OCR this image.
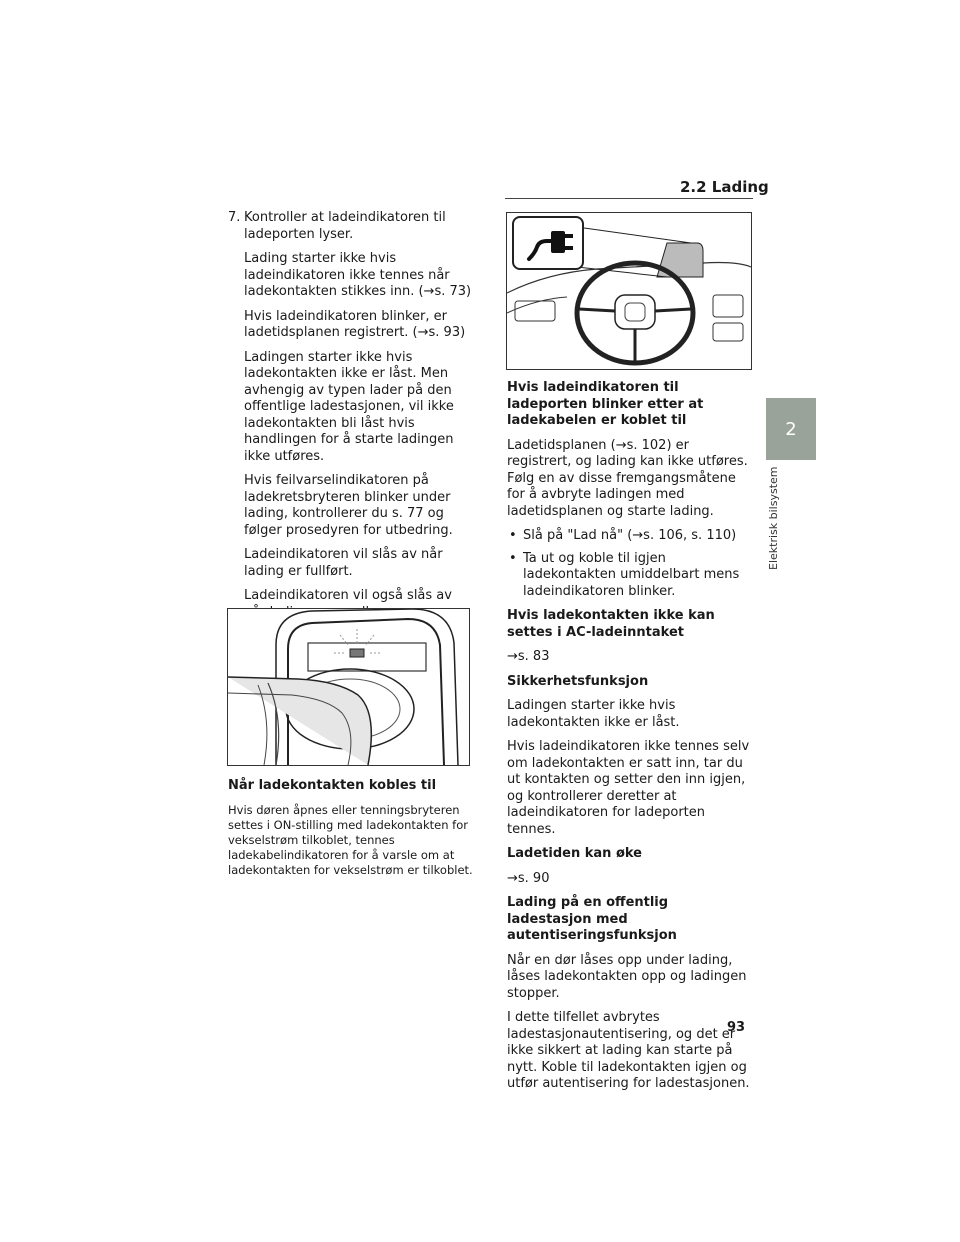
2.2 Lading
2
Elektrisk bilsystem
7. Kontroller at ladeindikatoren til ladeporten lyser.

Lading starter ikke hvis ladeindikatoren ikke tennes når ladekontakten stikkes inn. (→s. 73)

Hvis ladeindikatoren blinker, er ladetidsplanen registrert. (→s. 93)

Ladingen starter ikke hvis ladekontakten ikke er låst. Men avhengig av typen lader på den offentlige ladestasjonen, vil ikke ladekontakten bli låst hvis handlingen for å starte ladingen ikke utføres.

Hvis feilvarselindikatoren på ladekretsbryteren blinker under lading, kontrollerer du s. 77 og følger prosedyren for utbedring.

Ladeindikatoren vil slås av når lading er fullført.

Ladeindikatoren vil også slås av

Når ladekontakten kobles til

Hvis døren åpnes eller tenningsbryteren settes i ON-stilling med ladekontakten for vekselstrøm tilkoblet, tennes ladekabelindikatoren for å varsle om at ladekontakten for vekselstrøm er tilkoblet.

Hvis ladeindikatoren til ladeporten blinker etter at ladekabelen er koblet til

Ladetidsplanen (→s. 102) er registrert, og lading kan ikke utføres. Følg en av disse fremgangsmåtene for å avbryte ladingen med ladetidsplanen og starte lading.

• Slå på "Lad nå" (→s. 106, s. 110)
• Ta ut og koble til igjen ladekontakten umiddelbart mens ladeindikatoren blinker.
Hvis ladekontakten ikke kan settes i AC-ladeinntaket

→s. 83

Sikkerhetsfunksjon

Ladingen starter ikke hvis ladekontakten ikke er låst.

Hvis ladeindikatoren ikke tennes selv om ladekontakten er satt inn, tar du ut kontakten og setter den inn igjen, og kontrollerer deretter at ladeindikatoren for ladeporten tennes.

Ladetiden kan øke

→s. 90

Lading på en offentlig ladestasjon med autentiseringsfunksjon

Når en dør låses opp under lading, låses ladekontakten opp og ladingen stopper.

I dette tilfellet avbrytes ladestasjonautentisering, og det er ikke sikkert at lading kan starte på nytt. Koble til ladekontakten igjen og utfør autentisering for ladestasjonen.

93
